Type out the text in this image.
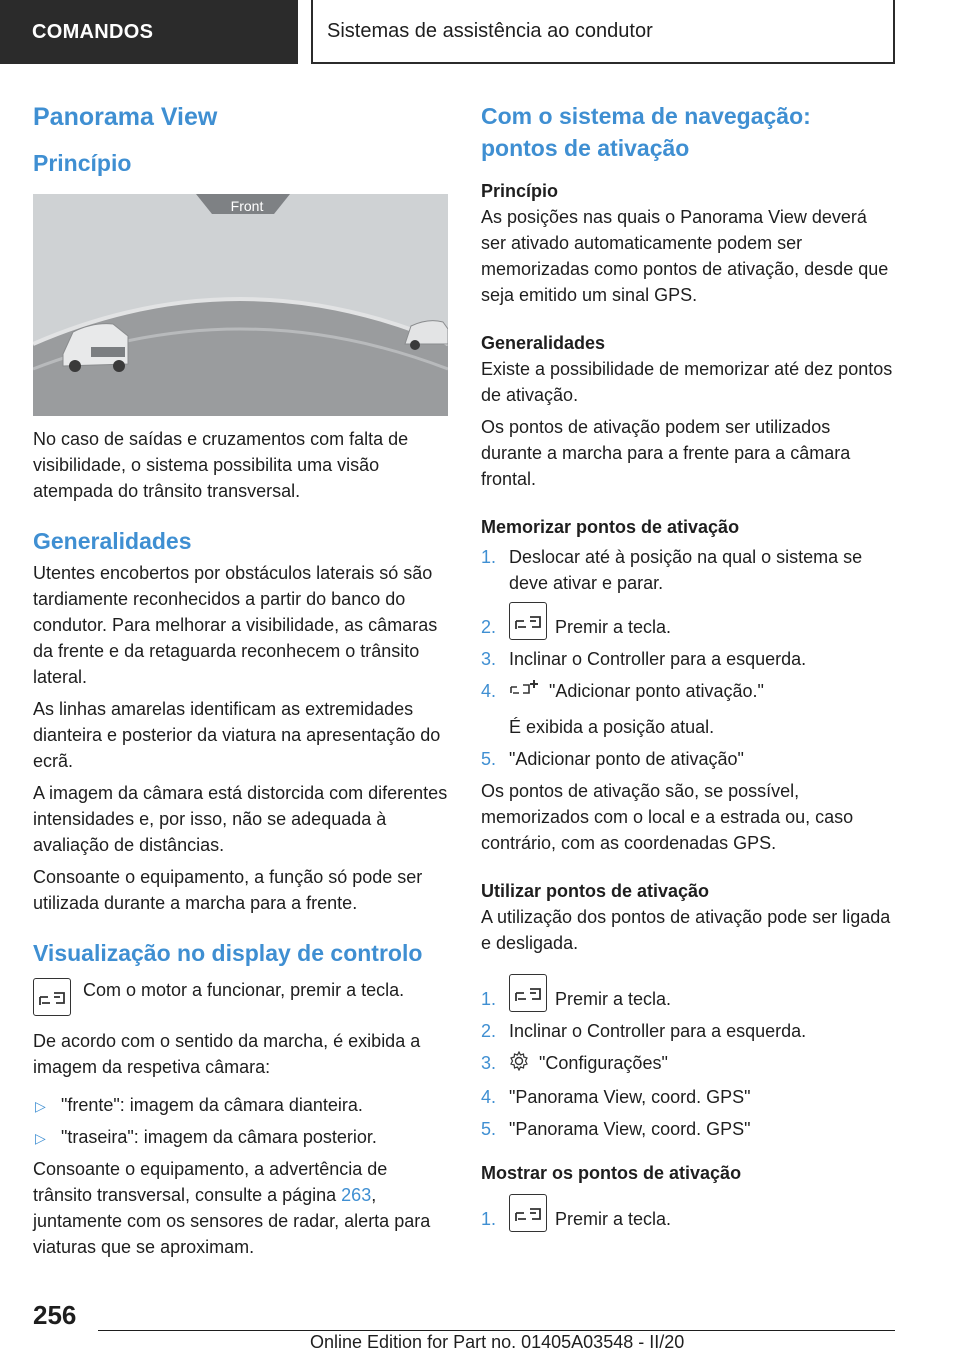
COMANDOS	Sistemas de assistência ao condutor
Panorama View
Princípio
Front

No caso de saídas e cruzamentos com falta de visibilidade, o sistema possibilita uma visão atempada do trânsito transversal.

Generalidades

Utentes encobertos por obstáculos laterais só são tardiamente reconhecidos a partir do banco do condutor. Para melhorar a visibilidade, as câmaras da frente e da retaguarda reconhecem o trânsito lateral.

As linhas amarelas identificam as extremidades dianteira e posterior da viatura na apresentação do ecrã.

A imagem da câmara está distorcida com diferentes intensidades e, por isso, não se adequada à avaliação de distâncias.

Consoante o equipamento, a função só pode ser utilizada durante a marcha para a frente.

Visualização no display de controlo

Com o motor a funcionar, premir a tecla.

De acordo com o sentido da marcha, é exibida a imagem da respetiva câmara:

▷ "frente": imagem da câmara dianteira.
▷ "traseira": imagem da câmara posterior.

Consoante o equipamento, a advertência de trânsito transversal, consulte a página 263, juntamente com os sensores de radar, alerta para viaturas que se aproximam.

Com o sistema de navegação: pontos de ativação
Princípio

As posições nas quais o Panorama View deverá ser ativado automaticamente podem ser memorizadas como pontos de ativação, desde que seja emitido um sinal GPS.

Generalidades

Existe a possibilidade de memorizar até dez pontos de ativação.

Os pontos de ativação podem ser utilizados durante a marcha para a frente para a câmara frontal.

Memorizar pontos de ativação
1. Deslocar até à posição na qual o sistema se deve ativar e parar.
2.	Premir a tecla.
3. Inclinar o Controller para a esquerda.
4.	"Adicionar ponto ativação."
É exibida a posição atual.
5. "Adicionar ponto de ativação"

Os pontos de ativação são, se possível, memorizados com o local e a estrada ou, caso contrário, com as coordenadas GPS.

Utilizar pontos de ativação

A utilização dos pontos de ativação pode ser ligada e desligada.

1.	Premir a tecla.
2. Inclinar o Controller para a esquerda.
3. "Configurações"
4. "Panorama View, coord. GPS"
5. "Panorama View, coord. GPS"
Mostrar os pontos de ativação
1.	Premir a tecla.
256
Online Edition for Part no. 01405A03548 - II/20
